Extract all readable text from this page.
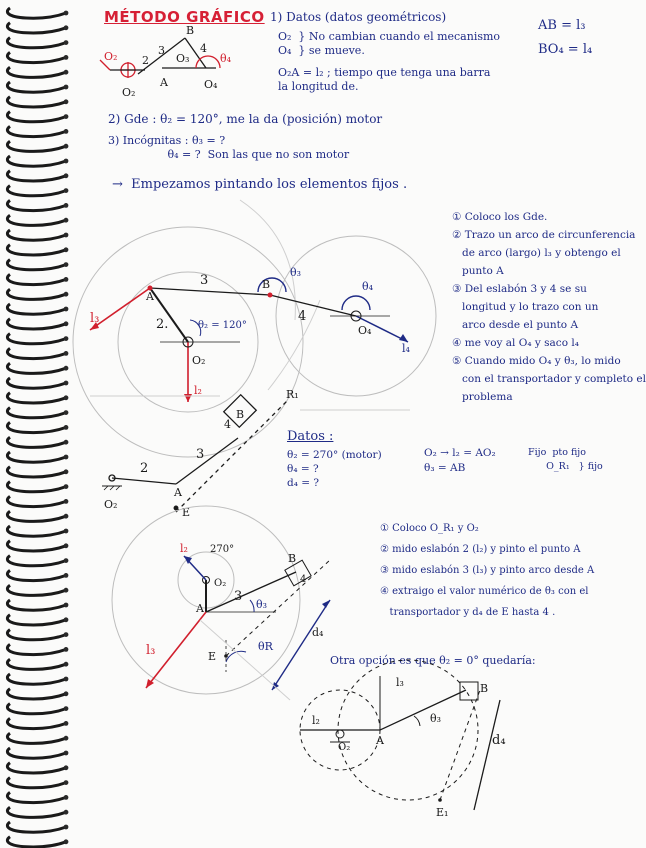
MÉTODO GRÁFICO 1) Datos (datos geométricos)
O₂  } No cambian cuando el mecanismo
O₄  } se mueve.
AB = l₃
BO₄ = l₄
O₂A = l₂ ; tiempo que tenga una barra
la longitud de.
2) Gde : θ₂ = 120°, me la da (posición) motor
3) Incógnitas : θ₃ = ?
θ₄ = ?  Son las que no son motor
→  Empezamos pintando los elementos fijos .
① Coloco los Gde.
② Trazo un arco de circunferencia
de arco (largo) l₃ y obtengo el
punto A
③ Del eslabón 3 y 4 se su
longitud y lo trazo con un
arco desde el punto A
④ me voy al O₄ y saco l₄
⑤ Cuando mido O₄ y θ₃, lo mido
con el transportador y completo el
problema
O₂ → l₂ = AO₂
θ₃ = AB
Fijo  pto fijo
O_R₁   } fijo
Datos :
θ₂ = 270° (motor)
θ₄ = ?
d₄ = ?
① Coloco O_R₁ y O₂
② mido eslabón 2 (l₂) y pinto el punto A
③ mido eslabón 3 (l₃) y pinto arco desde A
④ extraigo el valor numérico de θ₃ con el
transportador y d₄ de E hasta 4 .
Otra opción es que θ₂ = 0° quedaría:
B
A
O₂
O₂
O₄
O₃	θ₄
3
2
4
A
B
O₂
O₄
l₃
l₂
l₄
3
4
2.	θ₂ = 120°
θ₃
θ₄
R₁
B
4
3
2
A
O₂
E
l₂ 270°
O₂
A
3
θ₃
B
4
l₃
d₄
E
θR
l₃
l₂
O₂
A
θ₃
B
d₄
E₁
